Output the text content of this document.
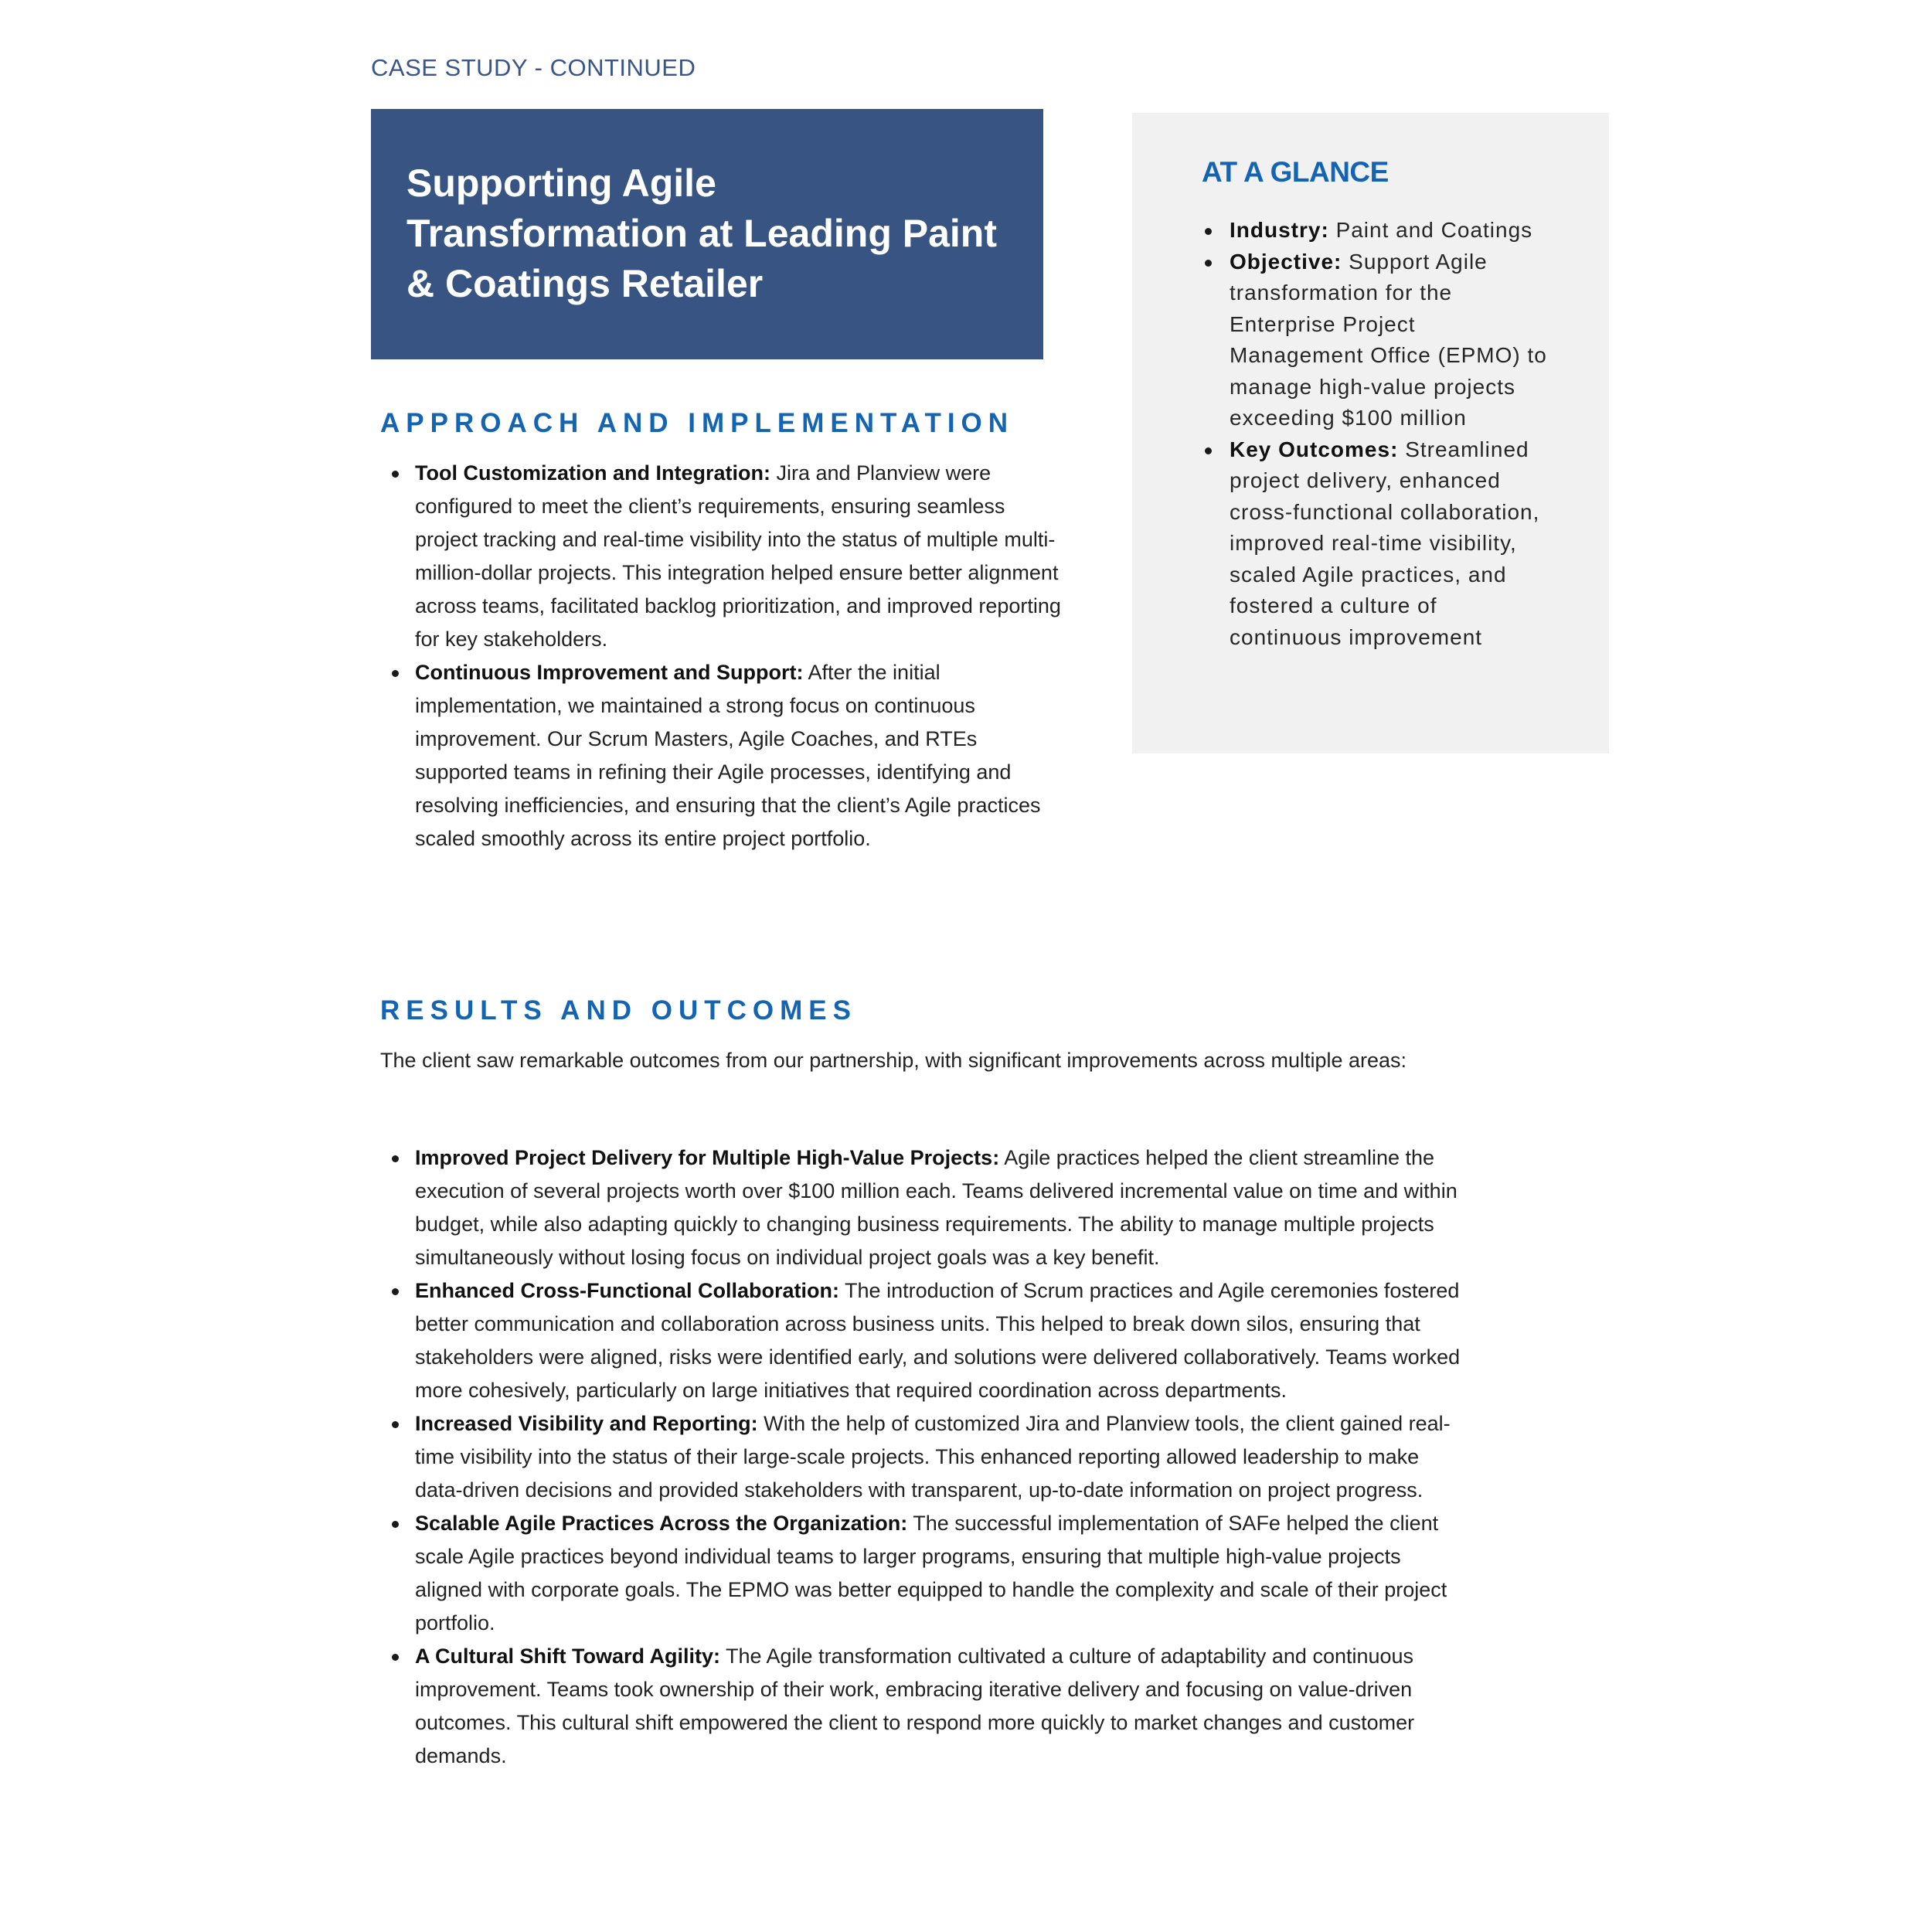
CASE STUDY - CONTINUED
Supporting Agile Transformation at Leading Paint & Coatings Retailer
AT A GLANCE
Industry: Paint and Coatings
Objective: Support Agile transformation for the Enterprise Project Management Office (EPMO) to manage high-value projects exceeding $100 million
Key Outcomes: Streamlined project delivery, enhanced cross-functional collaboration, improved real-time visibility, scaled Agile practices, and fostered a culture of continuous improvement
APPROACH AND IMPLEMENTATION
Tool Customization and Integration: Jira and Planview were configured to meet the client’s requirements, ensuring seamless project tracking and real-time visibility into the status of multiple multi-million-dollar projects. This integration helped ensure better alignment across teams, facilitated backlog prioritization, and improved reporting for key stakeholders.
Continuous Improvement and Support: After the initial implementation, we maintained a strong focus on continuous improvement. Our Scrum Masters, Agile Coaches, and RTEs supported teams in refining their Agile processes, identifying and resolving inefficiencies, and ensuring that the client’s Agile practices scaled smoothly across its entire project portfolio.
RESULTS AND OUTCOMES

The client saw remarkable outcomes from our partnership, with significant improvements across multiple areas:

Improved Project Delivery for Multiple High-Value Projects: Agile practices helped the client streamline the execution of several projects worth over $100 million each. Teams delivered incremental value on time and within budget, while also adapting quickly to changing business requirements. The ability to manage multiple projects simultaneously without losing focus on individual project goals was a key benefit.
Enhanced Cross-Functional Collaboration: The introduction of Scrum practices and Agile ceremonies fostered better communication and collaboration across business units. This helped to break down silos, ensuring that stakeholders were aligned, risks were identified early, and solutions were delivered collaboratively. Teams worked more cohesively, particularly on large initiatives that required coordination across departments.
Increased Visibility and Reporting: With the help of customized Jira and Planview tools, the client gained real-time visibility into the status of their large-scale projects. This enhanced reporting allowed leadership to make data-driven decisions and provided stakeholders with transparent, up-to-date information on project progress.
Scalable Agile Practices Across the Organization: The successful implementation of SAFe helped the client scale Agile practices beyond individual teams to larger programs, ensuring that multiple high-value projects aligned with corporate goals. The EPMO was better equipped to handle the complexity and scale of their project portfolio.
A Cultural Shift Toward Agility: The Agile transformation cultivated a culture of adaptability and continuous improvement. Teams took ownership of their work, embracing iterative delivery and focusing on value-driven outcomes. This cultural shift empowered the client to respond more quickly to market changes and customer demands.
